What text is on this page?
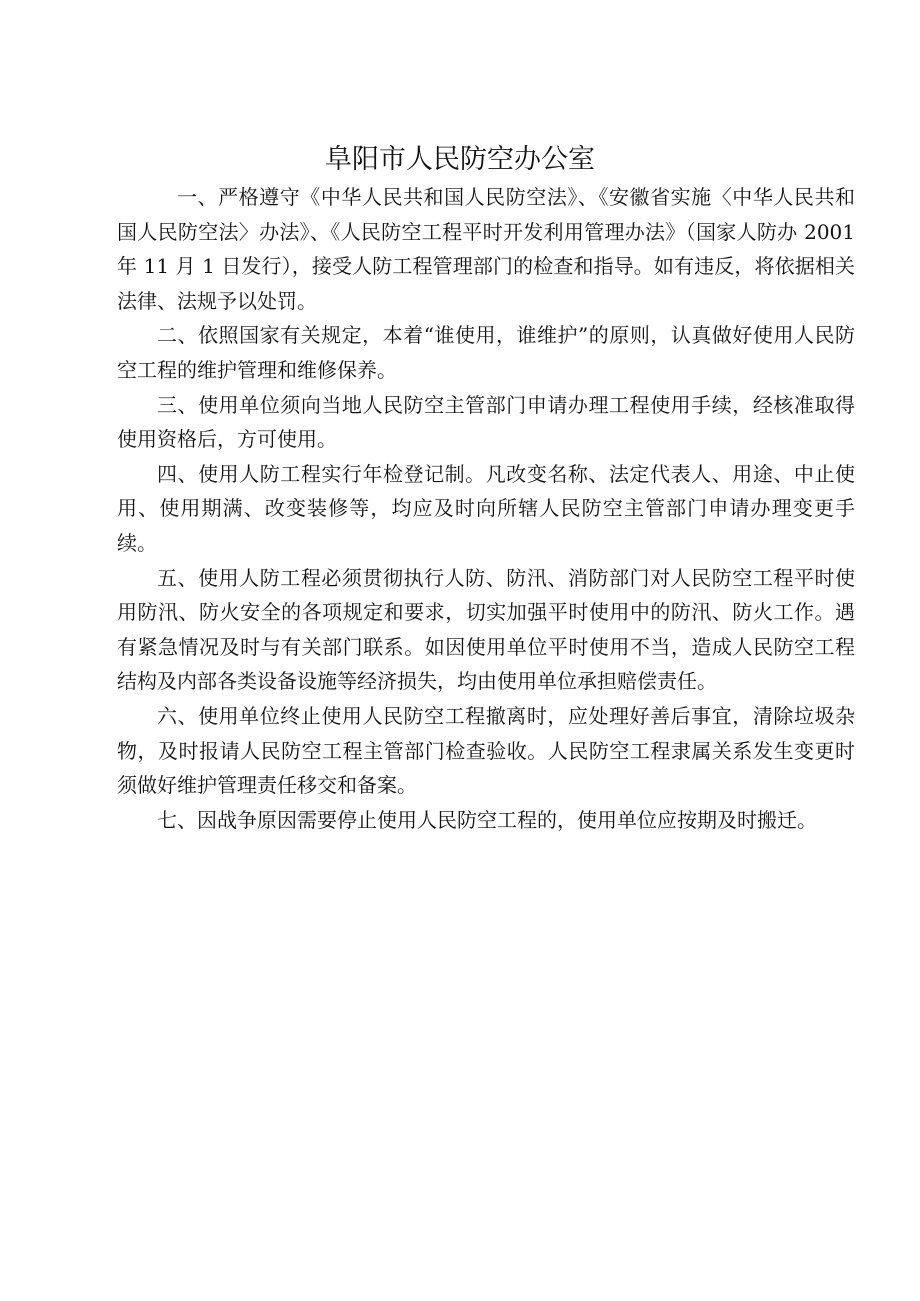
阜阳市人民防空办公室

一、严格遵守《中华人民共和国人民防空法》、《安徽省实施〈中华人民共和国人民防空法〉办法》、《人民防空工程平时开发利用管理办法》（国家人防办 2001 年 11 月 1 日发行），接受人防工程管理部门的检查和指导。如有违反，将依据相关法律、法规予以处罚。

二、依照国家有关规定，本着“谁使用，谁维护”的原则，认真做好使用人民防空工程的维护管理和维修保养。

三、使用单位须向当地人民防空主管部门申请办理工程使用手续，经核准取得使用资格后，方可使用。

四、使用人防工程实行年检登记制。凡改变名称、法定代表人、用途、中止使用、使用期满、改变装修等，均应及时向所辖人民防空主管部门申请办理变更手续。

五、使用人防工程必须贯彻执行人防、防汛、消防部门对人民防空工程平时使用防汛、防火安全的各项规定和要求，切实加强平时使用中的防汛、防火工作。遇有紧急情况及时与有关部门联系。如因使用单位平时使用不当，造成人民防空工程结构及内部各类设备设施等经济损失，均由使用单位承担赔偿责任。

六、使用单位终止使用人民防空工程撤离时，应处理好善后事宜，清除垃圾杂物，及时报请人民防空工程主管部门检查验收。人民防空工程隶属关系发生变更时须做好维护管理责任移交和备案。

七、因战争原因需要停止使用人民防空工程的，使用单位应按期及时搬迁。
